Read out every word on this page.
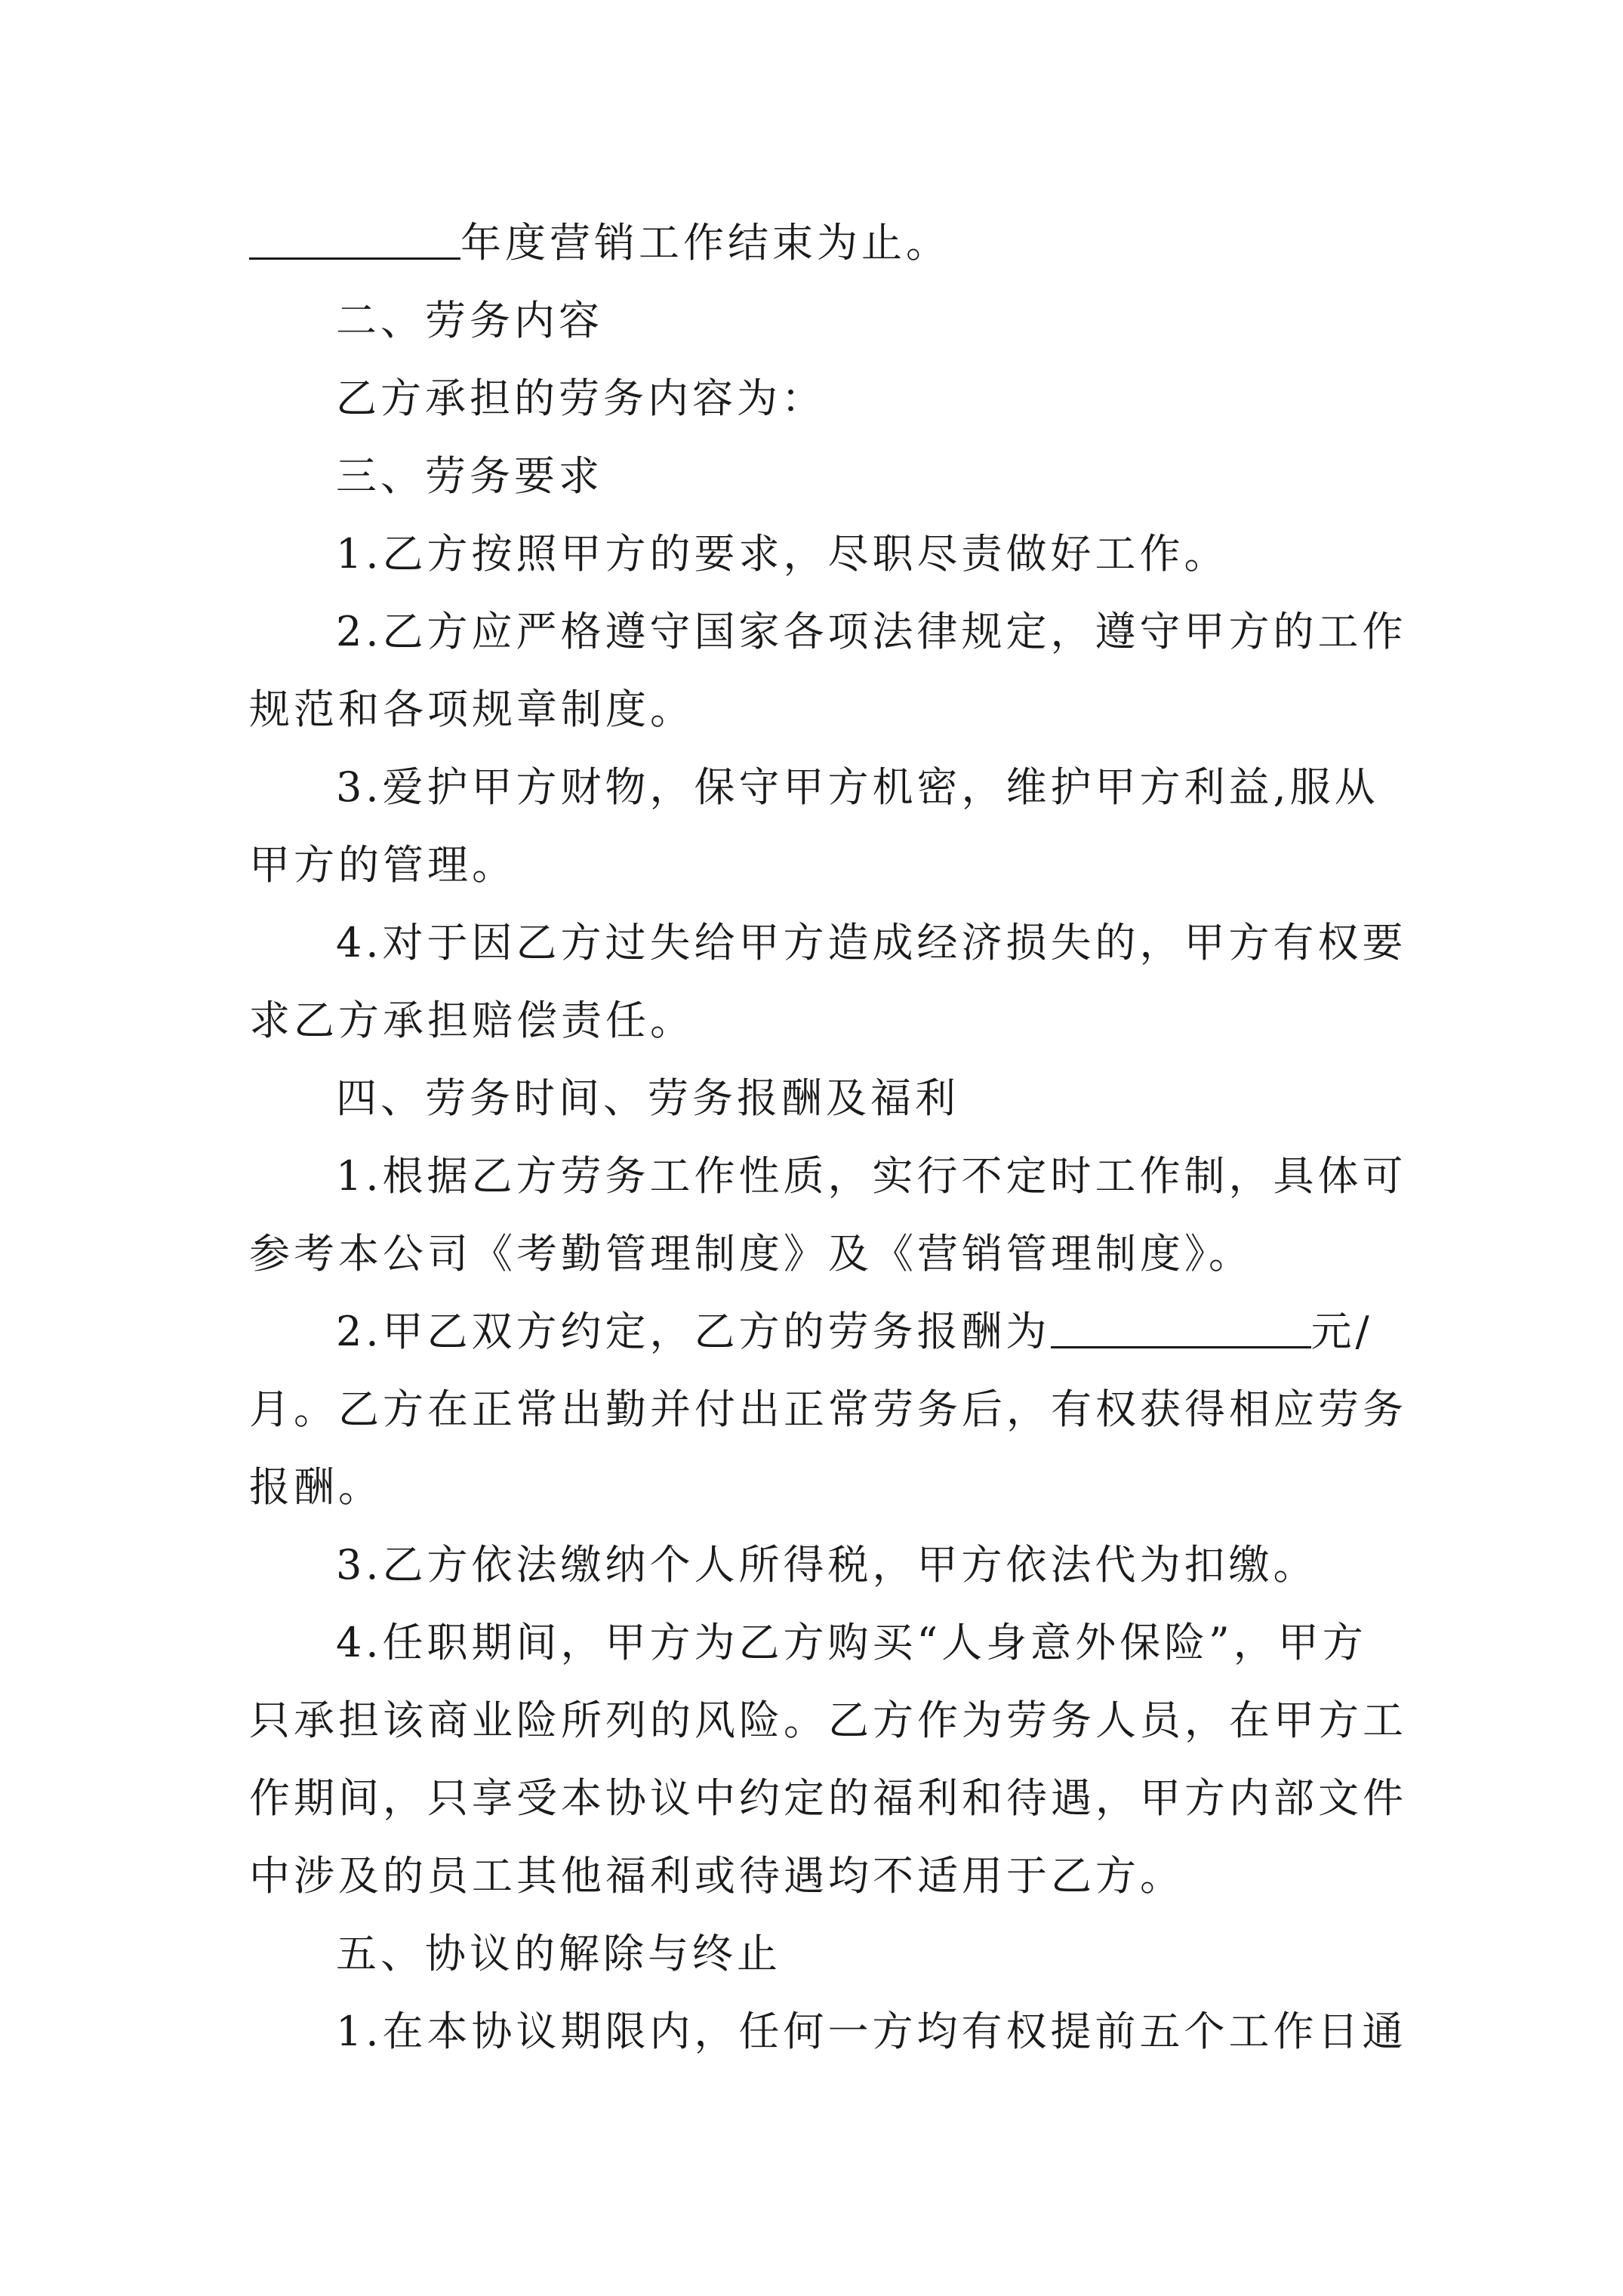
年度营销工作结束为止。
二、劳务内容
乙方承担的劳务内容为：
三、劳务要求
1.乙方按照甲方的要求，尽职尽责做好工作。
2.乙方应严格遵守国家各项法律规定，遵守甲方的工作
规范和各项规章制度。
3.爱护甲方财物，保守甲方机密，维护甲方利益,服从
甲方的管理。
4.对于因乙方过失给甲方造成经济损失的，甲方有权要
求乙方承担赔偿责任。
四、劳务时间、劳务报酬及福利
1.根据乙方劳务工作性质，实行不定时工作制，具体可
参考本公司《考勤管理制度》及《营销管理制度》。
2.甲乙双方约定，乙方的劳务报酬为	元/
月。乙方在正常出勤并付出正常劳务后，有权获得相应劳务
报酬。
3.乙方依法缴纳个人所得税，甲方依法代为扣缴。
4.任职期间，甲方为乙方购买“人身意外保险”，甲方
只承担该商业险所列的风险。乙方作为劳务人员，在甲方工
作期间，只享受本协议中约定的福利和待遇，甲方内部文件
中涉及的员工其他福利或待遇均不适用于乙方。
五、协议的解除与终止
1.在本协议期限内，任何一方均有权提前五个工作日通
